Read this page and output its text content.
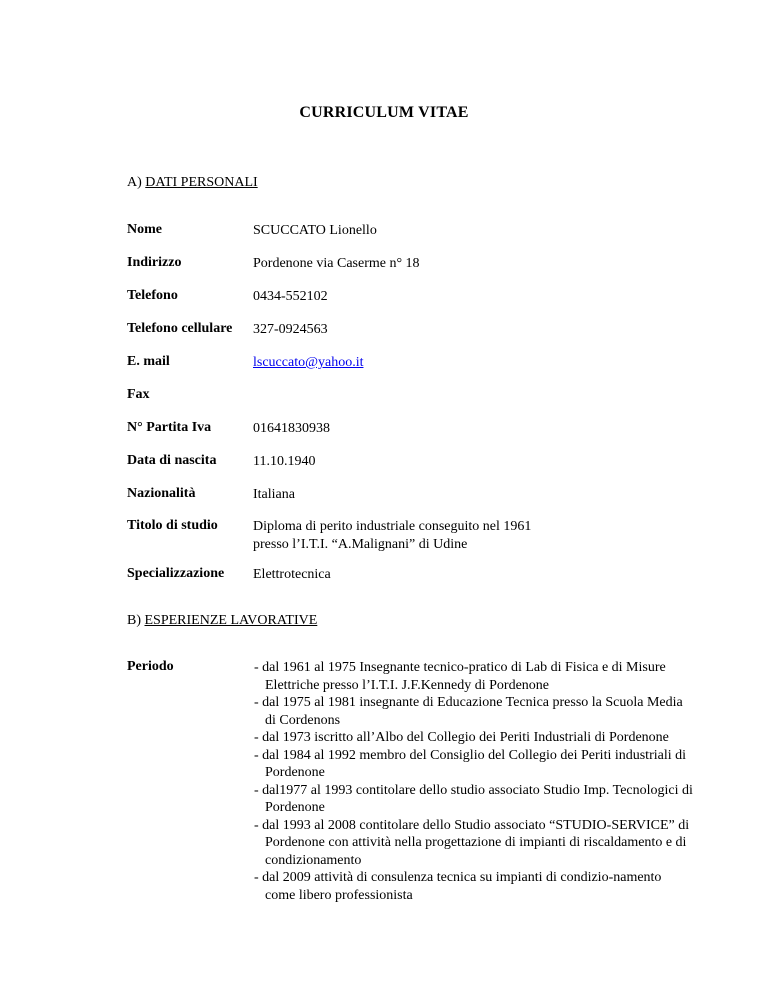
CURRICULUM VITAE
A) DATI PERSONALI
Nome	SCUCCATO Lionello
Indirizzo	Pordenone via Caserme n° 18
Telefono	0434-552102
Telefono cellulare 327-0924563
E. mail	lscuccato@yahoo.it
Fax
N° Partita Iva	01641830938
Data di nascita	11.10.1940
Nazionalità	Italiana
Titolo di studio	Diploma di perito industriale conseguito nel 1961
presso l’I.T.I. “A.Malignani” di Udine
Specializzazione Elettrotecnica
B) ESPERIENZE LAVORATIVE
Periodo	- dal 1961 al 1975 Insegnante tecnico-pratico di Lab di Fisica e di Misure Elettriche presso l’I.T.I. J.F.Kennedy di Pordenone
- dal 1975 al 1981 insegnante di Educazione Tecnica presso la Scuola Media di Cordenons
- dal 1973 iscritto all’Albo del Collegio dei Periti Industriali di Pordenone
- dal 1984 al 1992 membro del Consiglio del Collegio dei Periti industriali di Pordenone
- dal1977 al 1993 contitolare dello studio associato Studio Imp. Tecnologici di Pordenone
- dal 1993 al 2008 contitolare dello Studio associato “STUDIO-SERVICE” di Pordenone con attività nella progettazione di impianti di riscaldamento e di condizionamento
- dal 2009 attività di consulenza tecnica su impianti di condizio-namento come libero professionista
